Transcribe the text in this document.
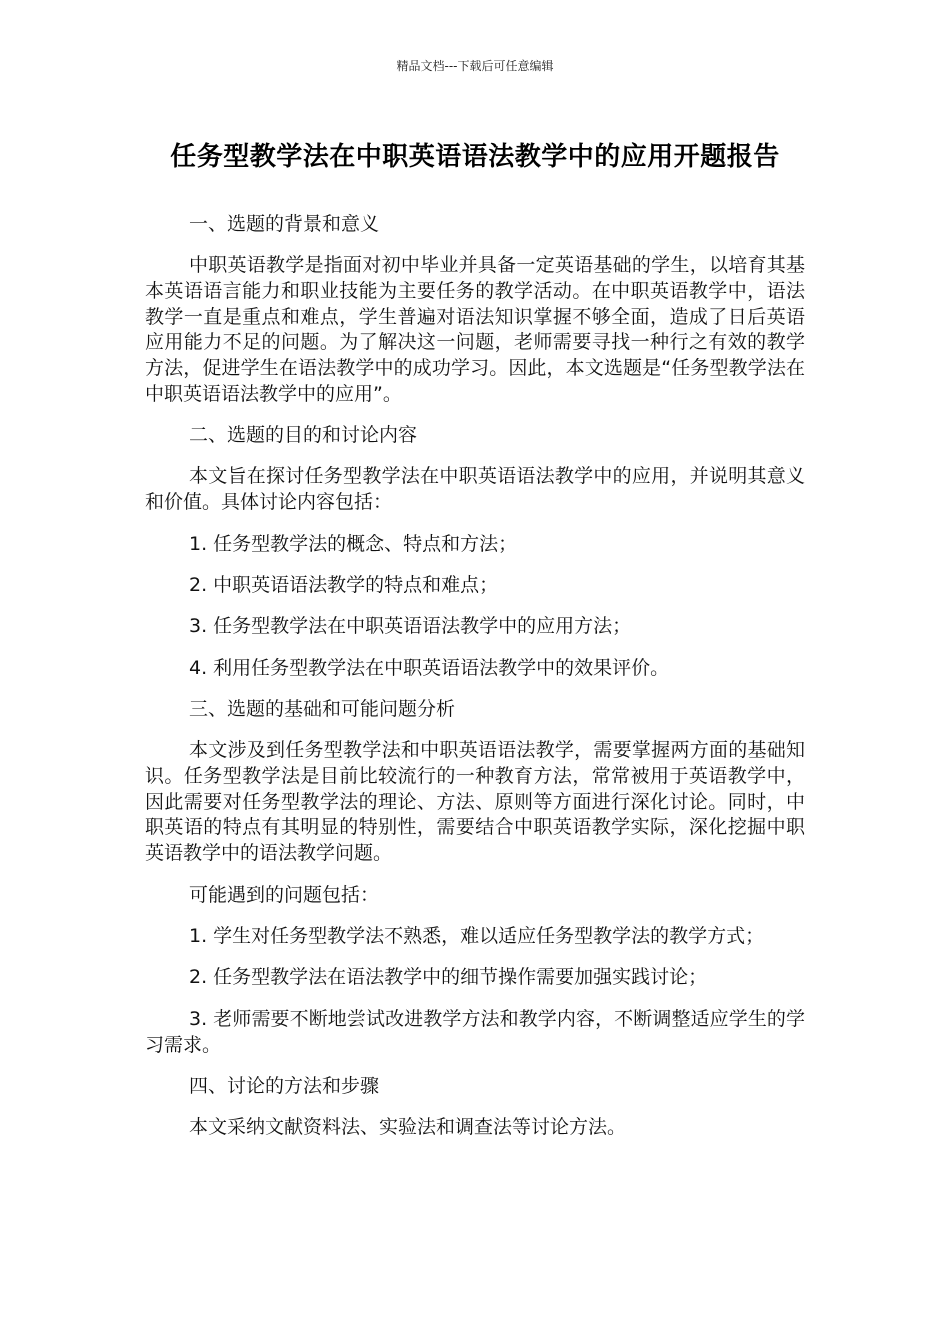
精品文档---下载后可任意编辑
任务型教学法在中职英语语法教学中的应用开题报告

一、选题的背景和意义

中职英语教学是指面对初中毕业并具备一定英语基础的学生，以培育其基本英语语言能力和职业技能为主要任务的教学活动。在中职英语教学中，语法教学一直是重点和难点，学生普遍对语法知识掌握不够全面，造成了日后英语应用能力不足的问题。为了解决这一问题，老师需要寻找一种行之有效的教学方法，促进学生在语法教学中的成功学习。因此，本文选题是“任务型教学法在中职英语语法教学中的应用”。

二、选题的目的和讨论内容

本文旨在探讨任务型教学法在中职英语语法教学中的应用，并说明其意义和价值。具体讨论内容包括：

1. 任务型教学法的概念、特点和方法；

2. 中职英语语法教学的特点和难点；

3. 任务型教学法在中职英语语法教学中的应用方法；

4. 利用任务型教学法在中职英语语法教学中的效果评价。

三、选题的基础和可能问题分析

本文涉及到任务型教学法和中职英语语法教学，需要掌握两方面的基础知识。任务型教学法是目前比较流行的一种教育方法，常常被用于英语教学中，因此需要对任务型教学法的理论、方法、原则等方面进行深化讨论。同时，中职英语的特点有其明显的特别性，需要结合中职英语教学实际，深化挖掘中职英语教学中的语法教学问题。

可能遇到的问题包括：

1. 学生对任务型教学法不熟悉，难以适应任务型教学法的教学方式；

2. 任务型教学法在语法教学中的细节操作需要加强实践讨论；

3. 老师需要不断地尝试改进教学方法和教学内容，不断调整适应学生的学习需求。

四、讨论的方法和步骤

本文采纳文献资料法、实验法和调查法等讨论方法。
